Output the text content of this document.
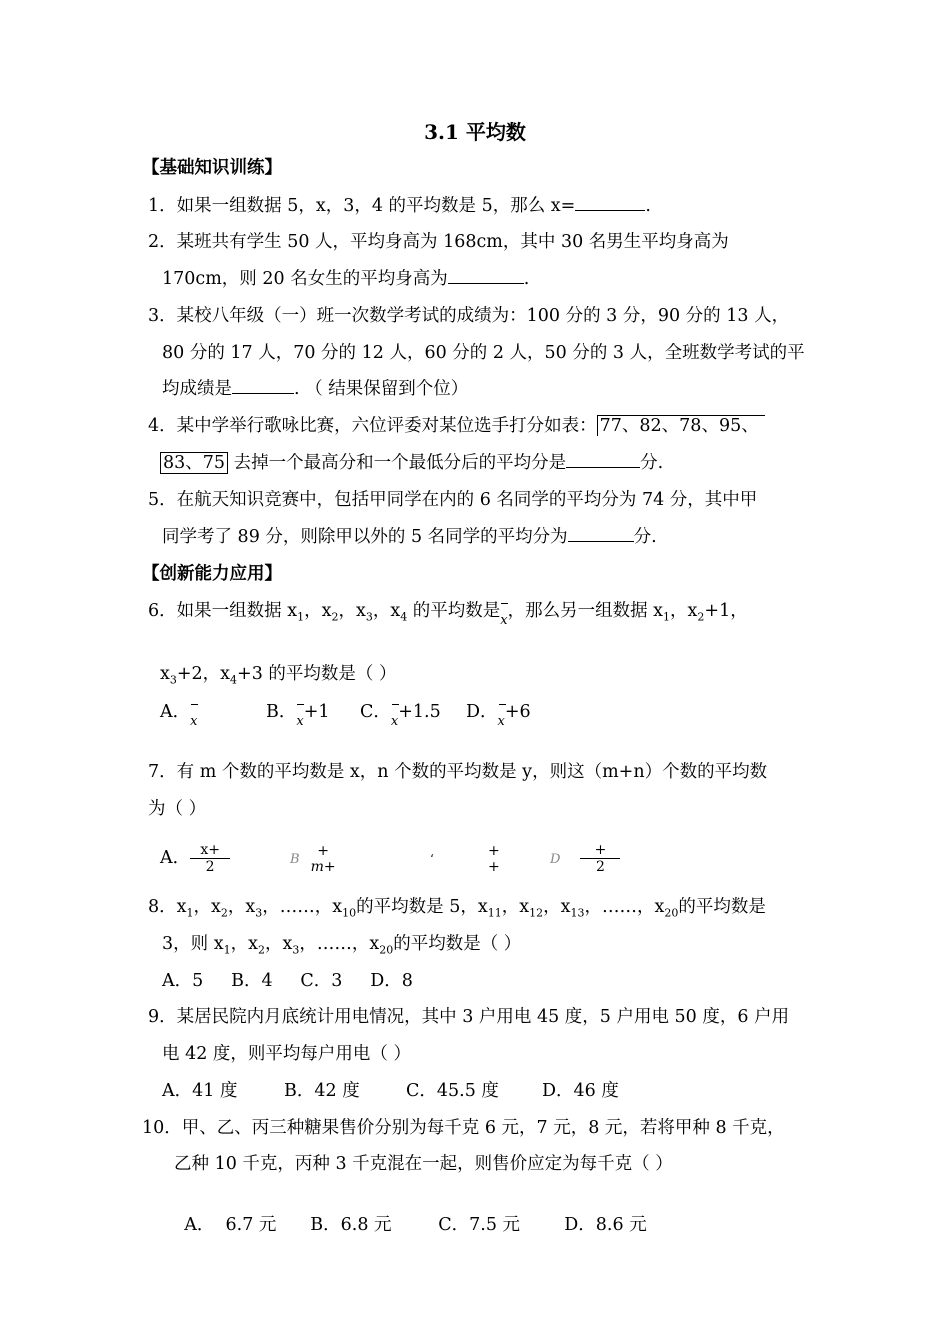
3.1 平均数
【基础知识训练】
1．如果一组数据 5，x，3，4 的平均数是 5，那么 x=	.
2．某班共有学生 50 人，平均身高为 168cm，其中 30 名男生平均身高为
170cm，则 20 名女生的平均身高为	.
3．某校八年级（一）班一次数学考试的成绩为：100 分的 3 分，90 分的 13 人，
80 分的 17 人，70 分的 12 人，60 分的 2 人，50 分的 3 人，全班数学考试的平
均成绩是	. （ 结果保留到个位）
4．某中学举行歌咏比赛，六位评委对某位选手打分如表： 77、82、78、95、
83、75 去掉一个最高分和一个最低分后的平均分是	分.
5．在航天知识竞赛中，包括甲同学在内的 6 名同学的平均分为 74 分，其中甲
同学考了 89 分，则除甲以外的 5 名同学的平均分为	分.
【创新能力应用】
6．如果一组数据 $x_1$，$x_2$，$x_3$，$x_4$ 的平均数是x，那么另一组数据 $x_1$，$x_2+1$，
$x_3+2$，$x_4+3$ 的平均数是（ ）
A．x	B．x+1 C．x+1.5 D．x+6
7．有 m 个数的平均数是 x，n 个数的平均数是 y，则这（m+n）个数的平均数
为（ ）
A． $\frac{x+}{2}$	B
+
m+	ʻ
+
+	D $\frac{+}{2}$
8．$x_1$，$x_2$，$x_3$，……，$x_{10}$的平均数是 5，$x_{11}$，$x_{12}$，$x_{13}$，……，$x_{20}$的平均数是
3，则 $x_1$，$x_2$，$x_3$，……，$x_{20}$的平均数是（ ）
A．5     B．4     C．3     D．8
9．某居民院内月底统计用电情况，其中 3 户用电 45 度，5 户用电 50 度，6 户用
电 42 度，则平均每户用电（ ）
A．41 度	B．42 度	C．45.5 度 D．46 度
10．甲、乙、丙三种糖果售价分别为每千克 6 元，7 元，8 元，若将甲种 8 千克，
乙种 10 千克，丙种 3 千克混在一起，则售价应定为每千克（ ）

A．  6.7 元 B．6.8 元	C．7.5 元	D．8.6 元
